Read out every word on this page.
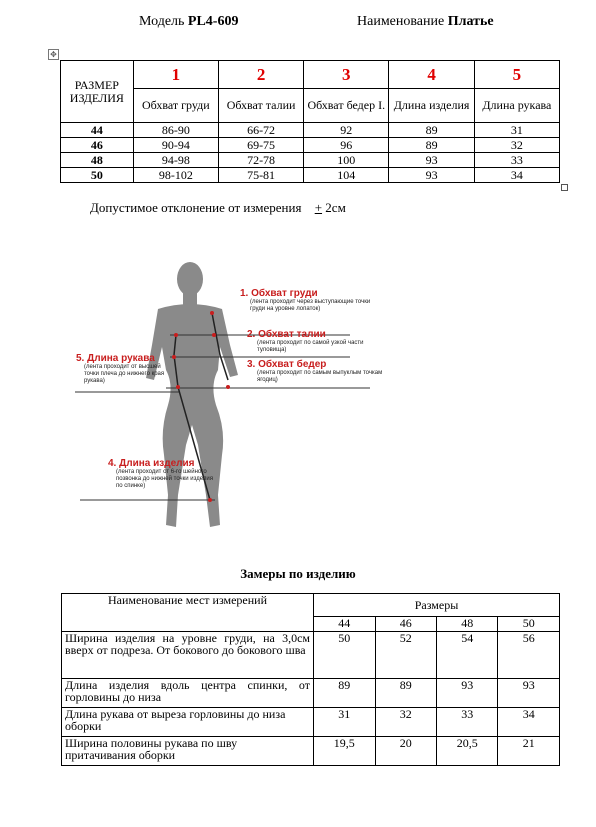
Модель PL4-609	Наименование Платье
✥
РАЗМЕР ИЗДЕЛИЯ	1	2	3	4	5
	Обхват груди	Обхват талии	Обхват бедер I.	Длина изделия	Длина рукава
44	86-90	66-72	92	89	31
46	90-94	69-75	96	89	32
48	94-98	72-78	100	93	33
50	98-102	75-81	104	93	34
Допустимое отклонение от измерения + 2см
1. Обхват груди
(лента проходит через выступающие точки груди на уровне лопаток)
2. Обхват талии
(лента проходит по самой узкой части туловища)
3. Обхват бедер
(лента проходит по самым выпуклым точкам ягодиц)
4. Длина изделия
(лента проходит от 6-го шейного позвонка до нижней точки изделия по спинке)
5. Длина рукава
(лента проходит от высшей точки плеча до нижнего края рукава)
Замеры по изделию
Наименование мест измерений	Размеры			
	44	46	48	50
Ширина изделия на уровне груди, на 3,0см вверх от подреза. От бокового до бокового шва	50	52	54	56
Длина изделия вдоль центра спинки, от горловины до низа	89	89	93	93
Длина рукава от выреза горловины до низа оборки	31	32	33	34
Ширина половины рукава по шву притачивания оборки	19,5	20	20,5	21
